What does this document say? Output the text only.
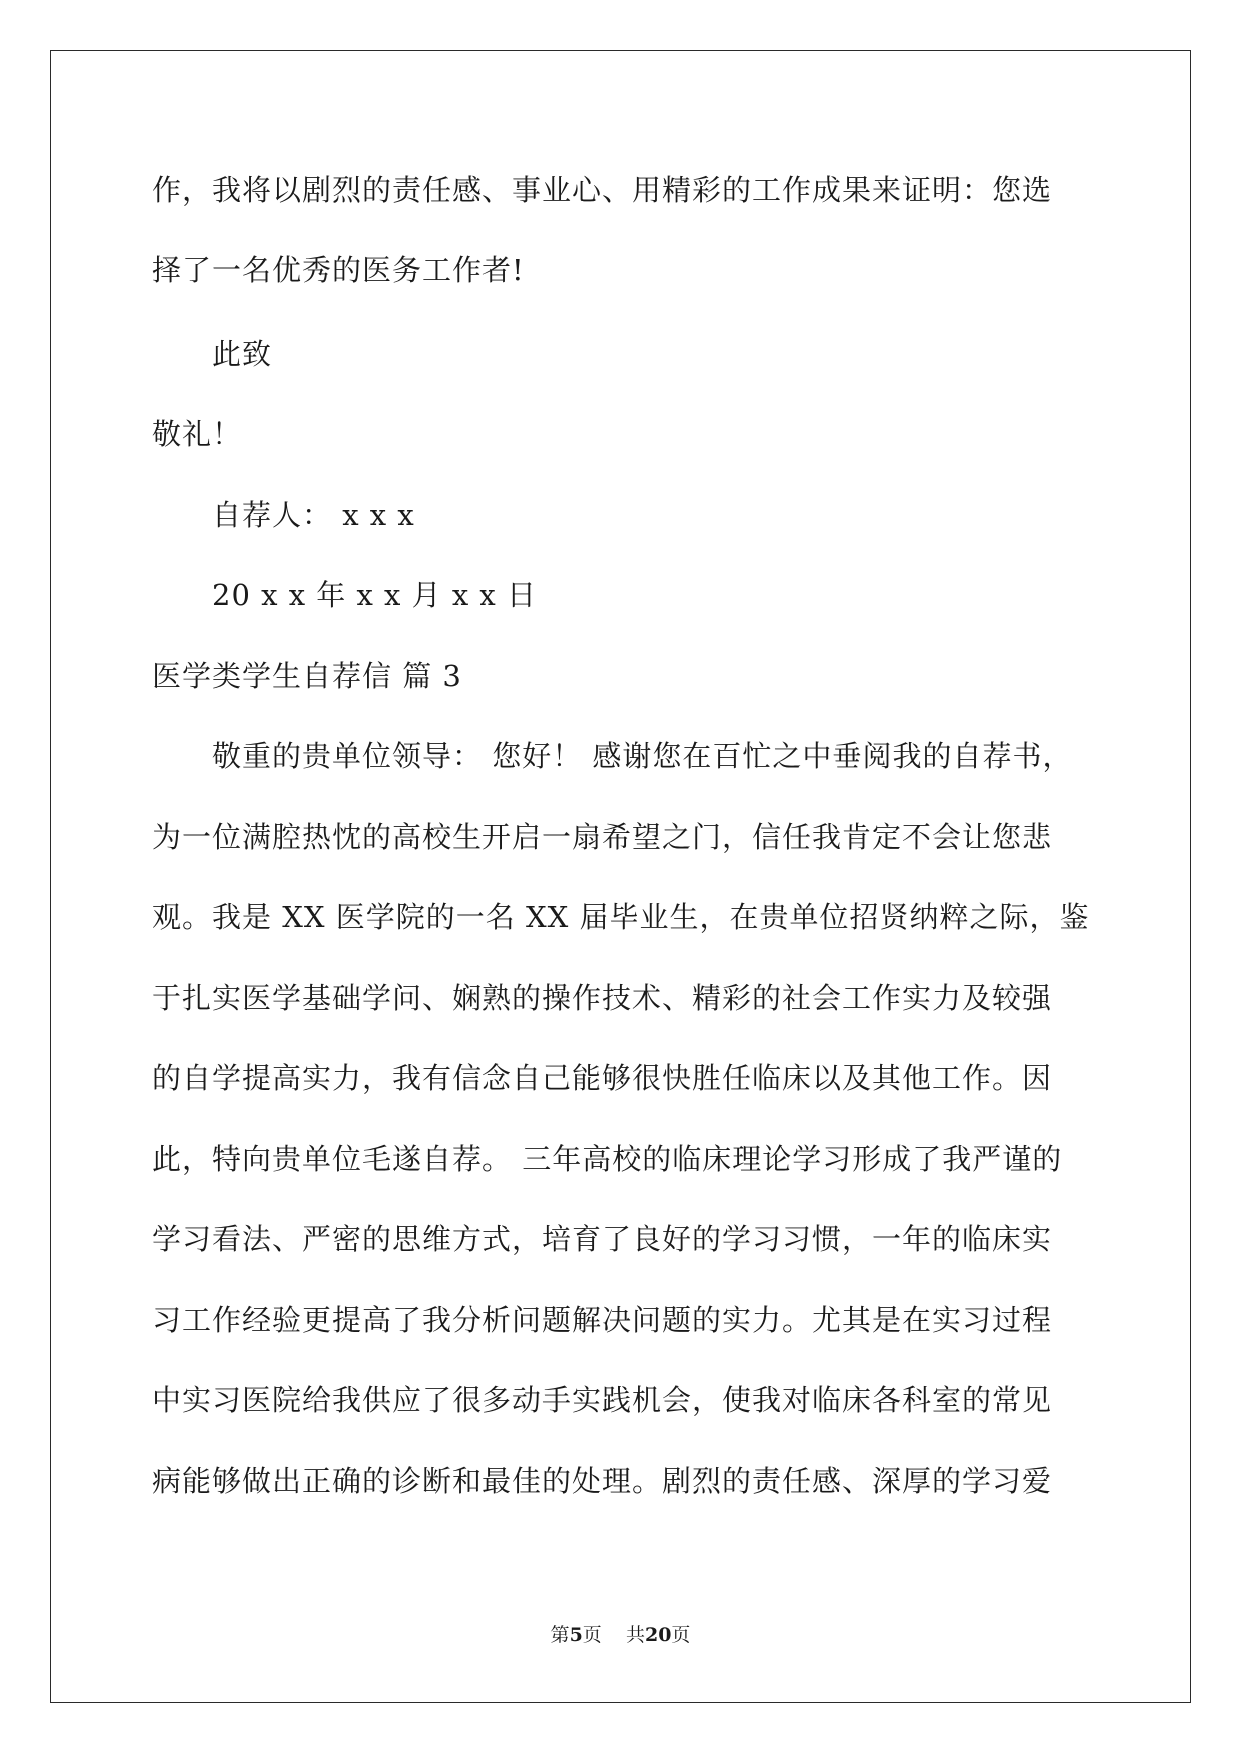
作，我将以剧烈的责任感、事业心、用精彩的工作成果来证明：您选
择了一名优秀的医务工作者!
此致
敬礼！
自荐人： x x x
20 x x 年 x x 月 x x 日
医学类学生自荐信 篇 3
敬重的贵单位领导： 您好！ 感谢您在百忙之中垂阅我的自荐书，
为一位满腔热忱的高校生开启一扇希望之门，信任我肯定不会让您悲
观。我是 XX 医学院的一名 XX 届毕业生，在贵单位招贤纳粹之际，鉴
于扎实医学基础学问、娴熟的操作技术、精彩的社会工作实力及较强
的自学提高实力，我有信念自己能够很快胜任临床以及其他工作。因
此，特向贵单位毛遂自荐。 三年高校的临床理论学习形成了我严谨的
学习看法、严密的思维方式，培育了良好的学习习惯，一年的临床实
习工作经验更提高了我分析问题解决问题的实力。尤其是在实习过程
中实习医院给我供应了很多动手实践机会，使我对临床各科室的常见
病能够做出正确的诊断和最佳的处理。剧烈的责任感、深厚的学习爱
第5页    共20页
